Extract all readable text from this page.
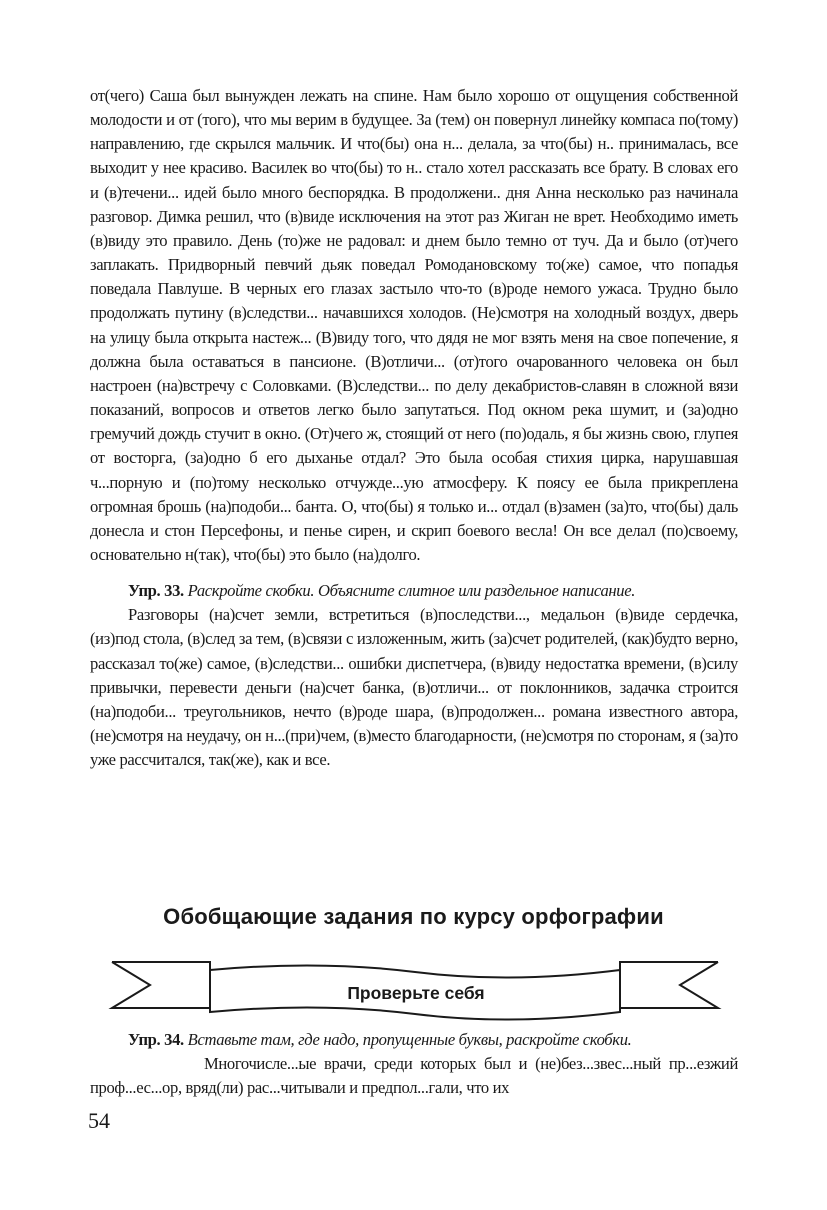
от(чего) Саша был вынужден лежать на спине. Нам было хорошо от ощущения собственной молодости и от (того), что мы верим в будущее. За (тем) он повернул линейку компаса по(тому) направлению, где скрылся мальчик. И что(бы) она н... делала, за что(бы) н.. принималась, все выходит у нее красиво. Василек во что(бы) то н.. стало хотел рассказать все брату. В словах его и (в)течени... идей было много беспорядка. В продолжени.. дня Анна несколько раз начинала разговор. Димка решил, что (в)виде исключения на этот раз Жиган не врет. Необходимо иметь (в)виду это правило. День (то)же не радовал: и днем было темно от туч. Да и было (от)чего заплакать. Придворный певчий дьяк поведал Ромодановскому то(же) самое, что попадья поведала Павлуше. В черных его глазах застыло что-то (в)роде немого ужаса. Трудно было продолжать путину (в)следстви... начавшихся холодов. (Не)смотря на холодный воздух, дверь на улицу была открыта настеж... (В)виду того, что дядя не мог взять меня на свое попечение, я должна была оставаться в пансионе. (В)отличи... (от)того очарованного человека он был настроен (на)встречу с Соловками. (В)следстви... по делу декабристов-славян в сложной вязи показаний, вопросов и ответов легко было запутаться. Под окном река шумит, и (за)одно гремучий дождь стучит в окно. (От)чего ж, стоящий от него (по)одаль, я бы жизнь свою, глупея от восторга, (за)одно б его дыханье отдал? Это была особая стихия цирка, нарушавшая ч...порную и (по)тому несколько отчужде...ую атмосферу. К поясу ее была прикреплена огромная брошь (на)подоби... банта. О, что(бы) я только и... отдал (в)замен (за)то, что(бы) даль донесла и стон Персефоны, и пенье сирен, и скрип боевого весла! Он все делал (по)своему, основательно н(так), что(бы) это было (на)долго.

Упр. 33. Раскройте скобки. Объясните слитное или раздельное написание.

Разговоры (на)счет земли, встретиться (в)последстви..., медальон (в)виде сердечка, (из)под стола, (в)след за тем, (в)связи с изложенным, жить (за)счет родителей, (как)будто верно, рассказал то(же) самое, (в)следстви... ошибки диспетчера, (в)виду недостатка времени, (в)силу привычки, перевести деньги (на)счет банка, (в)отличи... от поклонников, задачка строится (на)подоби... треугольников, нечто (в)роде шара, (в)продолжен... романа известного автора, (не)смотря на неудачу, он н...(при)чем, (в)место благодарности, (не)смотря по сторонам, я (за)то уже рассчитался, так(же), как и все.

Обобщающие задания по курсу орфографии
Проверьте себя

Упр. 34. Вставьте там, где надо, пропущенные буквы, раскройте скобки.

Многочисле...ые врачи, среди которых был и (не)без...звес...ный пр...езжий проф...ес...ор, вряд(ли) рас...читывали и предпол...гали, что их

54
